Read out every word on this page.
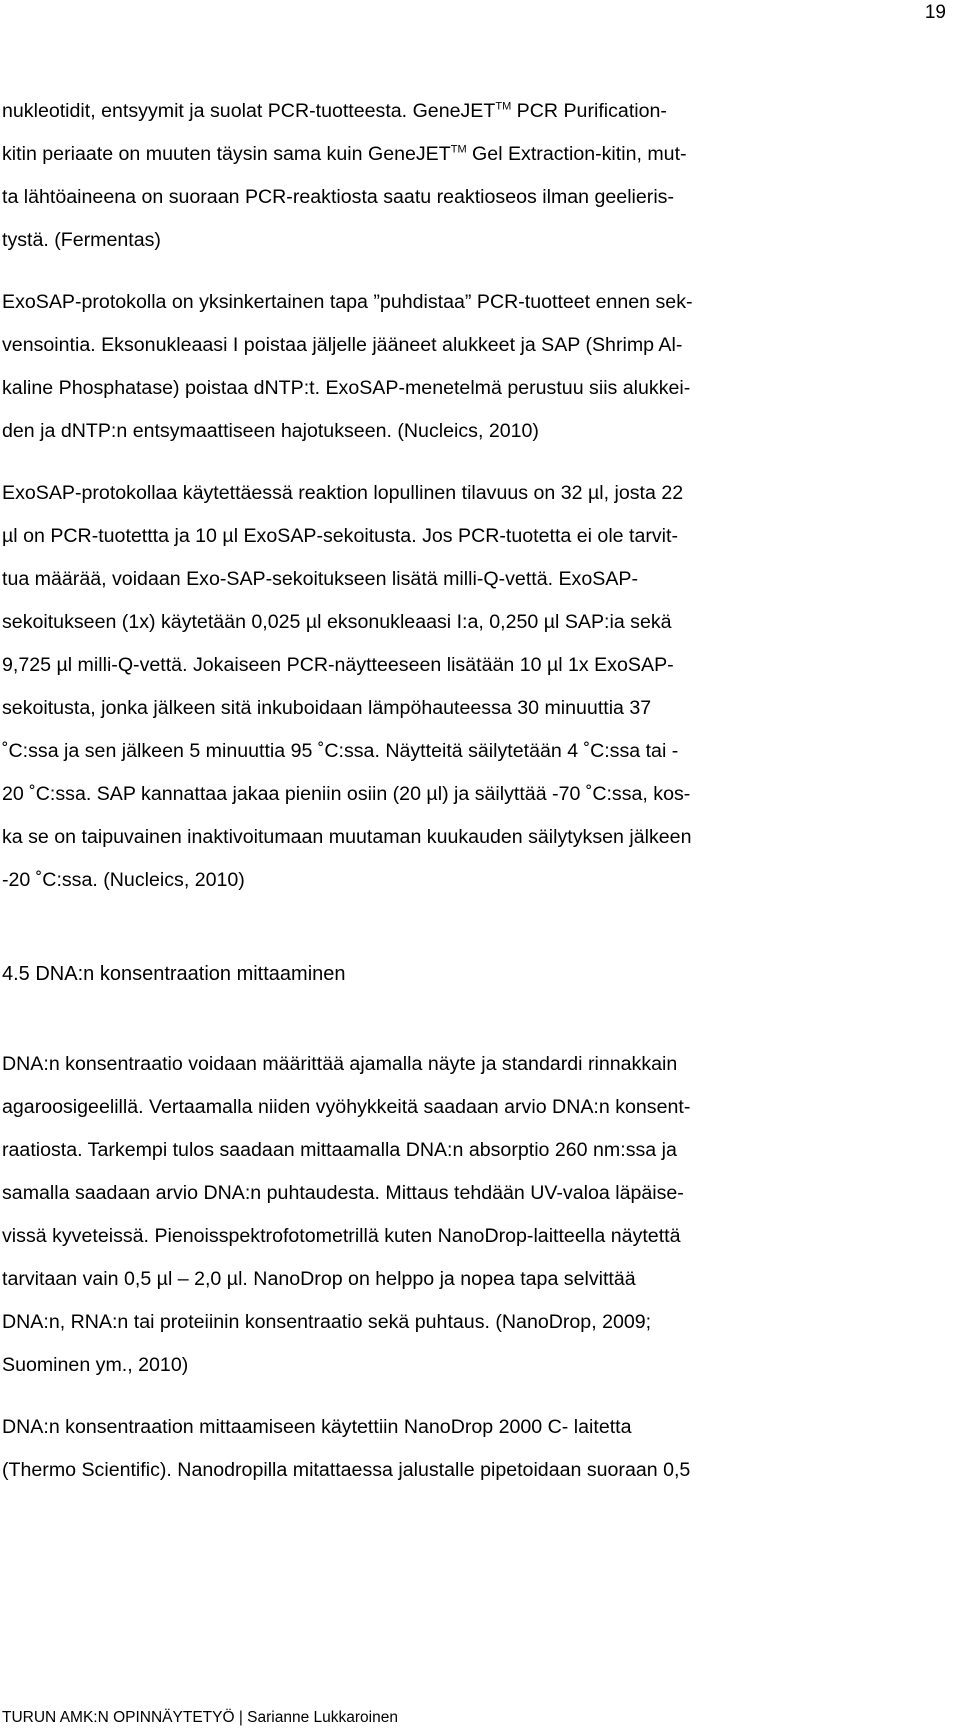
19
nukleotidit, entsyymit ja suolat PCR-tuotteesta. GeneJET™ PCR Purification-
kitin periaate on muuten täysin sama kuin GeneJET™ Gel Extraction-kitin, mut-
ta lähtöaineena on suoraan PCR-reaktiosta saatu reaktioseos ilman geelieris-
tystä. (Fermentas)
ExoSAP-protokolla on yksinkertainen tapa ”puhdistaa” PCR-tuotteet ennen sek-
vensointia. Eksonukleaasi I poistaa jäljelle jääneet alukkeet ja SAP (Shrimp Al-
kaline Phosphatase) poistaa dNTP:t. ExoSAP-menetelmä perustuu siis alukkei-
den ja dNTP:n entsymaattiseen hajotukseen. (Nucleics, 2010)
ExoSAP-protokollaa käytettäessä reaktion lopullinen tilavuus on 32 µl, josta 22
µl on PCR-tuotettta ja 10 µl ExoSAP-sekoitusta. Jos PCR-tuotetta ei ole tarvit-
tua määrää, voidaan Exo-SAP-sekoitukseen lisätä milli-Q-vettä. ExoSAP-
sekoitukseen (1x) käytetään 0,025 µl eksonukleaasi I:a, 0,250 µl SAP:ia sekä
9,725 µl milli-Q-vettä. Jokaiseen PCR-näytteeseen lisätään 10 µl 1x ExoSAP-
sekoitusta, jonka jälkeen sitä inkuboidaan lämpöhauteessa 30 minuuttia 37
˚C:ssa ja sen jälkeen 5 minuuttia 95 ˚C:ssa. Näytteitä säilytetään 4 ˚C:ssa tai -
20 ˚C:ssa. SAP kannattaa jakaa pieniin osiin (20 µl) ja säilyttää -70 ˚C:ssa, kos-
ka se on taipuvainen inaktivoitumaan muutaman kuukauden säilytyksen jälkeen
-20 ˚C:ssa. (Nucleics, 2010)
4.5 DNA:n konsentraation mittaaminen
DNA:n konsentraatio voidaan määrittää ajamalla näyte ja standardi rinnakkain
agaroosigeelillä. Vertaamalla niiden vyöhykkeitä saadaan arvio DNA:n konsent-
raatiosta. Tarkempi tulos saadaan mittaamalla DNA:n absorptio 260 nm:ssa ja
samalla saadaan arvio DNA:n puhtaudesta. Mittaus tehdään UV-valoa läpäise-
vissä kyveteissä. Pienoisspektrofotometrillä kuten NanoDrop-laitteella näytettä
tarvitaan vain 0,5 µl – 2,0 µl. NanoDrop on helppo ja nopea tapa selvittää
DNA:n, RNA:n tai proteiinin konsentraatio sekä puhtaus. (NanoDrop, 2009;
Suominen ym., 2010)
DNA:n konsentraation mittaamiseen käytettiin NanoDrop 2000 C- laitetta
(Thermo Scientific). Nanodropilla mitattaessa jalustalle pipetoidaan suoraan 0,5
TURUN AMK:N OPINNÄYTETYÖ | Sarianne Lukkaroinen
